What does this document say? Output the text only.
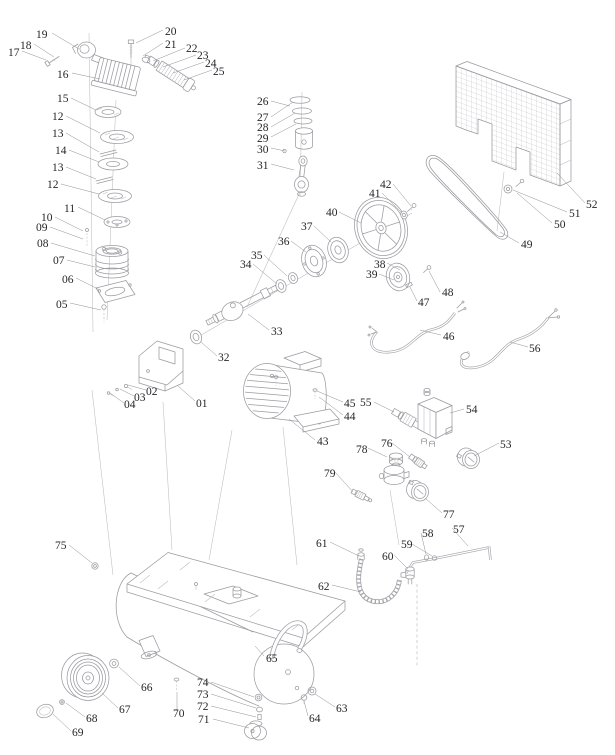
01
02
03
04
05
06
07
08
09
10
11
12
12
13
13
14
15
16
17
18
19	20
21 22
23
24
25
26
27
28
29
30
31
32
33
34
35
36
37
38
39
40
41
42
43
44
45
46
47
48
49
50
51
52
53
54
55
56
57
58
59
60
61
62
63
64
65
66
67
68
69
70 71
72
73
74
75
76
77
78
79
